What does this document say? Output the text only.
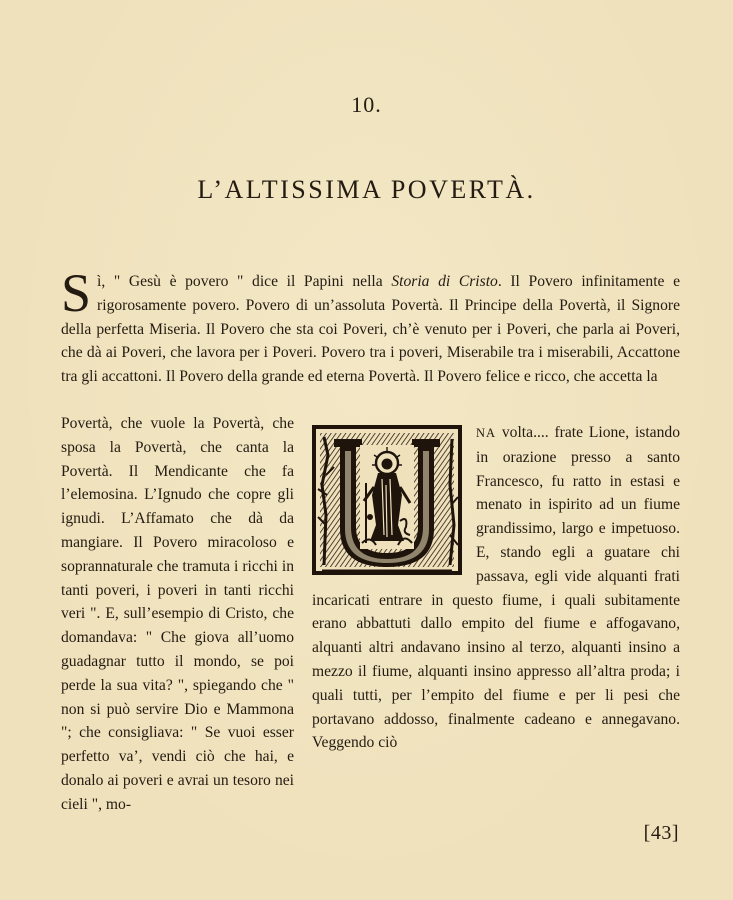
10.
L’ALTISSIMA POVERTÀ.
Sì, " Gesù è povero " dice il Papini nella Storia di Cristo. Il Povero infinitamente e rigorosamente povero. Povero di un’assoluta Povertà. Il Principe della Povertà, il Signore della perfetta Miseria. Il Povero che sta coi Poveri, ch’è venuto per i Poveri, che parla ai Poveri, che dà ai Poveri, che lavora per i Poveri. Povero tra i poveri, Miserabile tra i miserabili, Accattone tra gli accattoni. Il Povero della grande ed eterna Povertà. Il Povero felice e ricco, che accetta la
Povertà, che vuole la Povertà, che sposa la Povertà, che canta la Povertà. Il Mendicante che fa l’elemosina. L’Ignudo che copre gli ignudi. L’Affamato che dà da mangiare. Il Povero miracoloso e soprannaturale che tramuta i ricchi in tanti poveri, i poveri in tanti ricchi veri ". E, sull’esempio di Cristo, che domandava: " Che giova all’uomo guadagnar tutto il mondo, se poi perde la sua vita? ", spiegando che " non si può servire Dio e Mammona "; che consigliava: " Se vuoi esser perfetto va’, vendi ciò che hai, e donalo ai poveri e avrai un tesoro nei cieli ", mo-
NA volta.... frate Lione, istando in orazione presso a santo Francesco, fu ratto in estasi e menato in ispirito ad un fiume grandissimo, largo e impetuoso. E, stando egli a guatare chi passava, egli vide alquanti frati incaricati entrare in questo fiume, i quali subitamente erano abbattuti dallo empito del fiume e affogavano, alquanti altri andavano insino al terzo, alquanti insino a mezzo il fiume, alquanti insino appresso all’altra proda; i quali tutti, per l’empito del fiume e per li pesi che portavano addosso, finalmente cadeano e annegavano. Veggendo ciò
[43]
